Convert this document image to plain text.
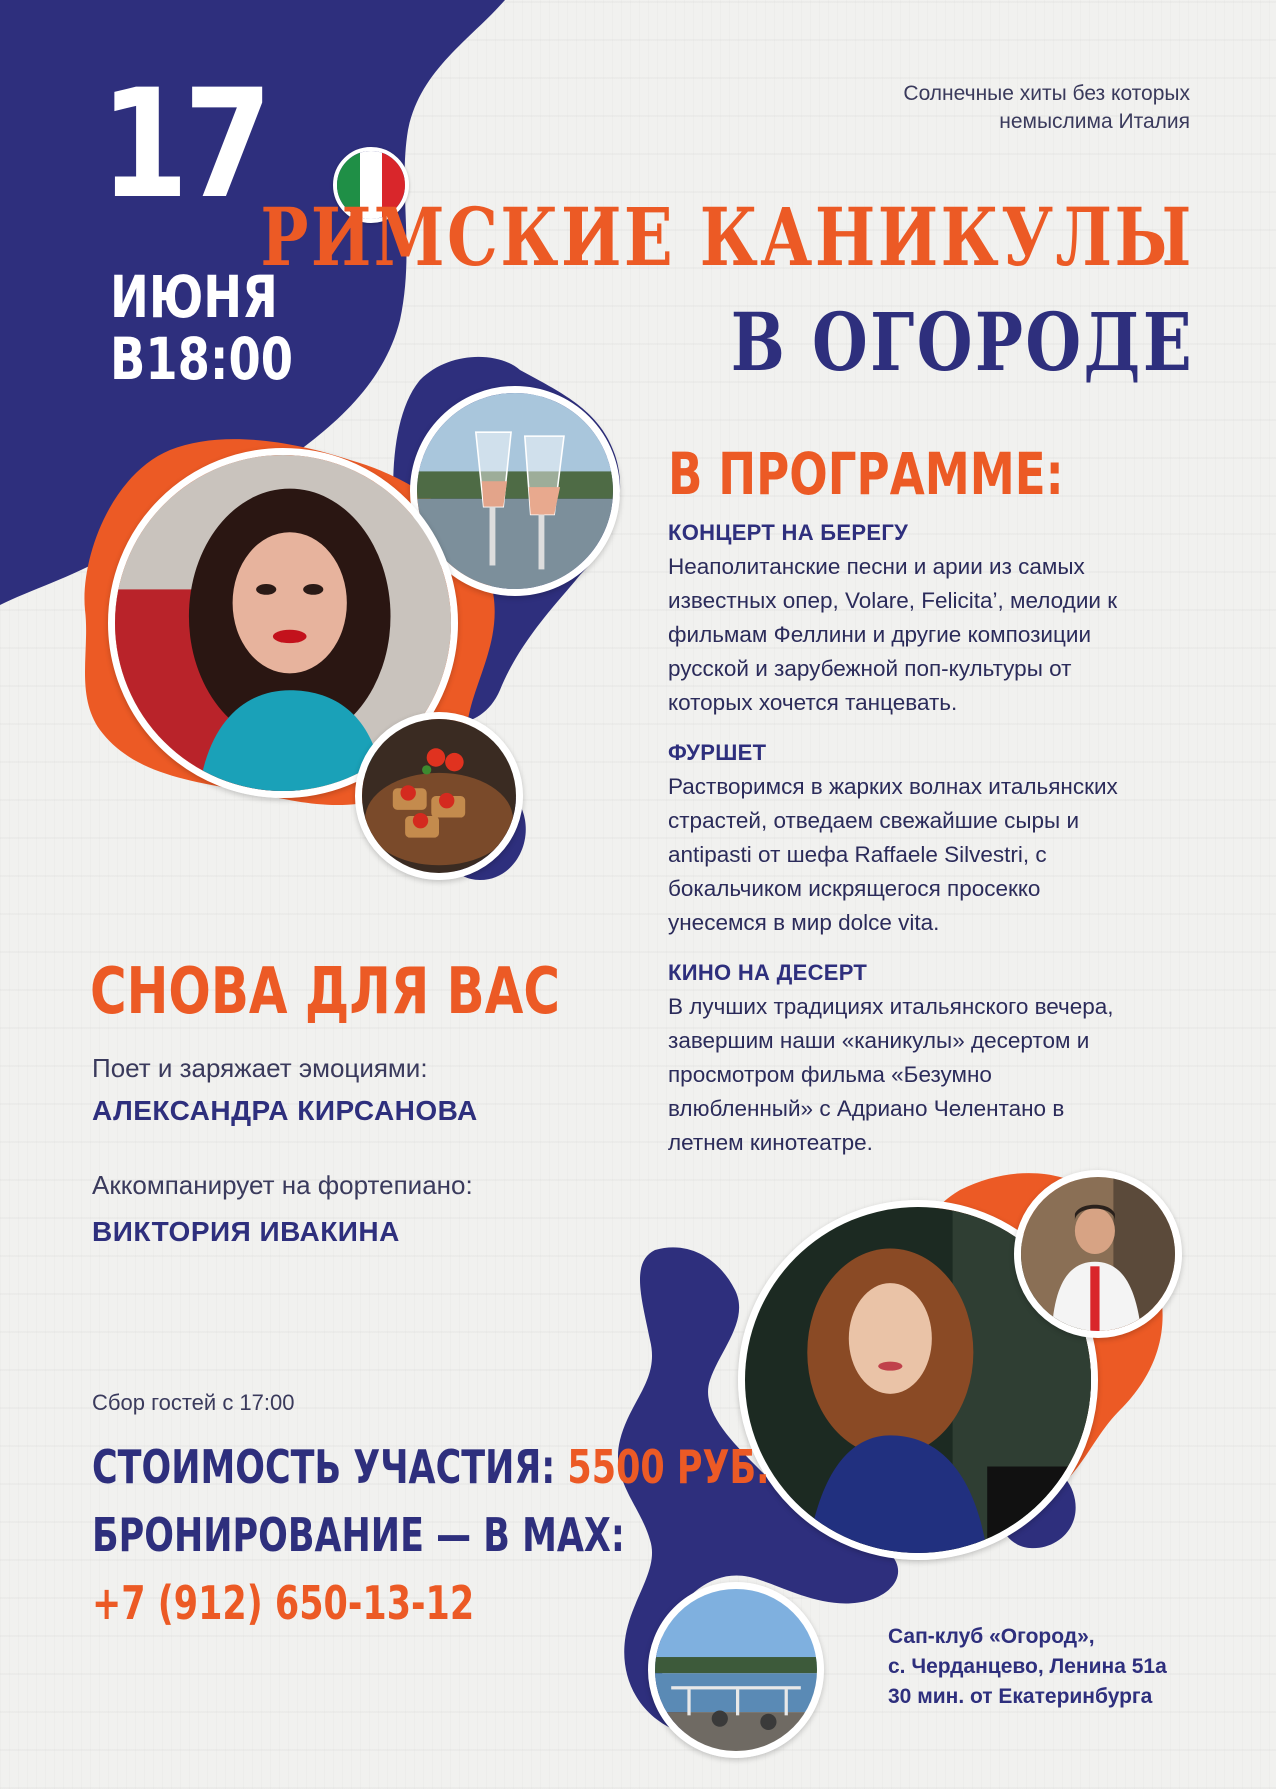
17
ИЮНЯ
В18:00
Солнечные хиты без которых
немыслима Италия
РИМСКИЕ КАНИКУЛЫ
В ОГОРОДЕ
В ПРОГРАММЕ:
КОНЦЕРТ НА БЕРЕГУ
Неаполитанские песни и арии из самых
известных опер, Volare, Felicita’, мелодии к
фильмам Феллини и другие композиции
русской и зарубежной поп-культуры от
которых хочется танцевать.
ФУРШЕТ
Растворимся в жарких волнах итальянских
страстей, отведаем свежайшие сыры и
antipasti от шефа Raffaele Silvestri, с
бокальчиком искрящегося просекко
унесемся в мир dolce vita.
КИНО НА ДЕСЕРТ
В лучших традициях итальянского вечера,
завершим наши «каникулы» десертом и
просмотром фильма «Безумно
влюбленный» с Адриано Челентано в
летнем кинотеатре.
СНОВА ДЛЯ ВАС
Поет и заряжает эмоциями:
АЛЕКСАНДРА КИРСАНОВА
Аккомпанирует на фортепиано:
ВИКТОРИЯ ИВАКИНА
Сбор гостей с 17:00
СТОИМОСТЬ УЧАСТИЯ: 5500 РУБ.
БРОНИРОВАНИЕ — В MAX:
+7 (912) 650-13-12
Сап-клуб «Огород»,
с. Черданцево, Ленина 51а
30 мин. от Екатеринбурга
